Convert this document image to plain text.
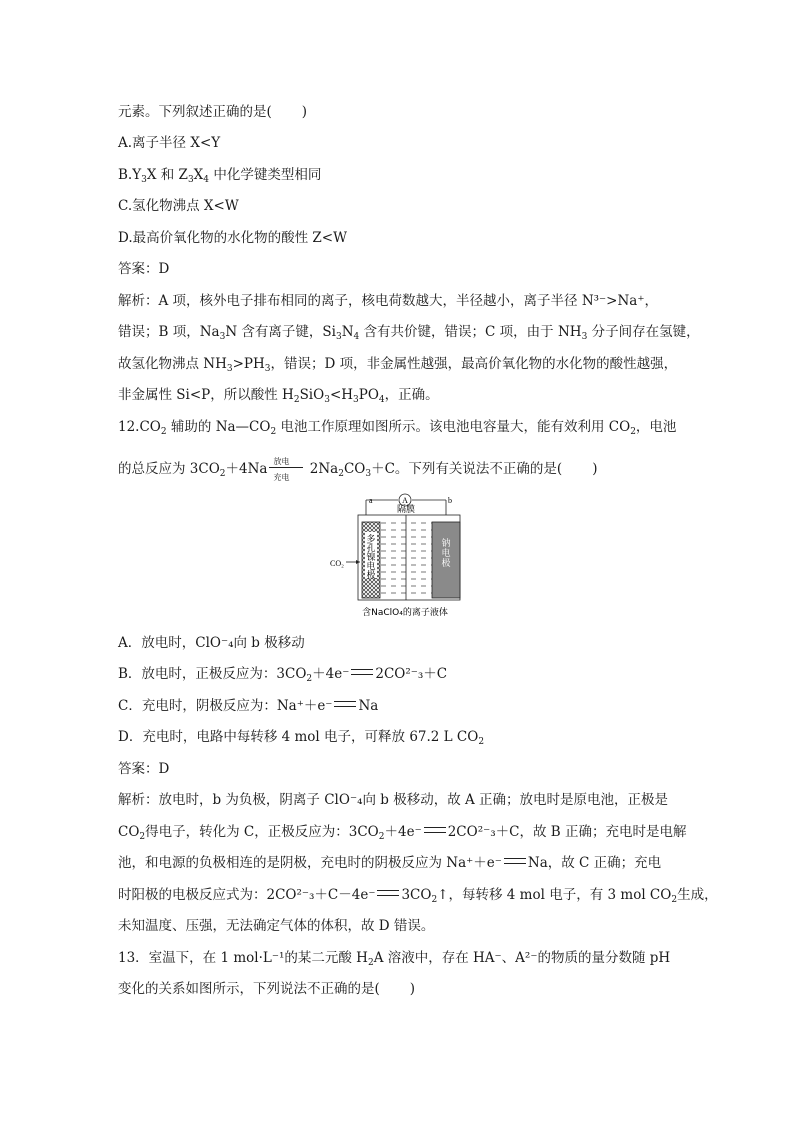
元素。下列叙述正确的是( )
A.离子半径 X<Y
$B.Y_3X$ 和 $Z_3X_4$ 中化学键类型相同
C.氢化物沸点 X<W
D.最高价氧化物的水化物的酸性 Z<W
答案：D
解析：A 项，核外电子排布相同的离子，核电荷数越大，半径越小，离子半径 N³⁻>Na⁺，
错误；B 项，$Na_3N$ 含有离子键，$Si_3N_4$ 含有共价键，错误；C 项，由于 $NH_3$ 分子间存在氢键，
故氢化物沸点 $NH_3>PH_3$，错误；D 项，非金属性越强，最高价氧化物的水化物的酸性越强，
非金属性 Si<P，所以酸性 $H_2SiO_3<H_3PO_4$，正确。
$12.CO_2$ 辅助的 $Na—CO_2$ 电池工作原理如图所示。该电池电容量大，能有效利用 $CO_2$，电池
的总反应为 $3CO_2+4Na$ 放电
充电
$2Na_2CO_3+C$。下列有关说法不正确的是( )
A
a	b
隔膜
多孔镍电极
钠电极
CO₂
含NaClO₄的离子液体
A．放电时，ClO⁻₄向 b 极移动
B．放电时，正极反应为：$3CO_2+4e^-$ 2CO²⁻₃＋C
C．充电时，阴极反应为：Na⁺＋e⁻ Na
D．充电时，电路中每转移 4 mol 电子，可释放 67.2 L $CO_2$
答案：D
解析：放电时，b 为负极，阴离子 ClO⁻₄向 b 极移动，故 A 正确；放电时是原电池，正极是
$CO_2$得电子，转化为 C，正极反应为：$3CO_2+4e^-$ 2CO²⁻₃＋C，故 B 正确；充电时是电解
池，和电源的负极相连的是阴极，充电时的阴极反应为 Na⁺＋e⁻ Na，故 C 正确；充电
时阳极的电极反应式为：2CO²⁻₃＋C－4e⁻ $3CO_2↑$，每转移 4 mol 电子，有 3 mol $CO_2$生成，
未知温度、压强，无法确定气体的体积，故 D 错误。
13．室温下，在 1 mol·L⁻¹的某二元酸 $H_2A$ 溶液中，存在 HA⁻、A²⁻的物质的量分数随 pH
变化的关系如图所示，下列说法不正确的是( )
